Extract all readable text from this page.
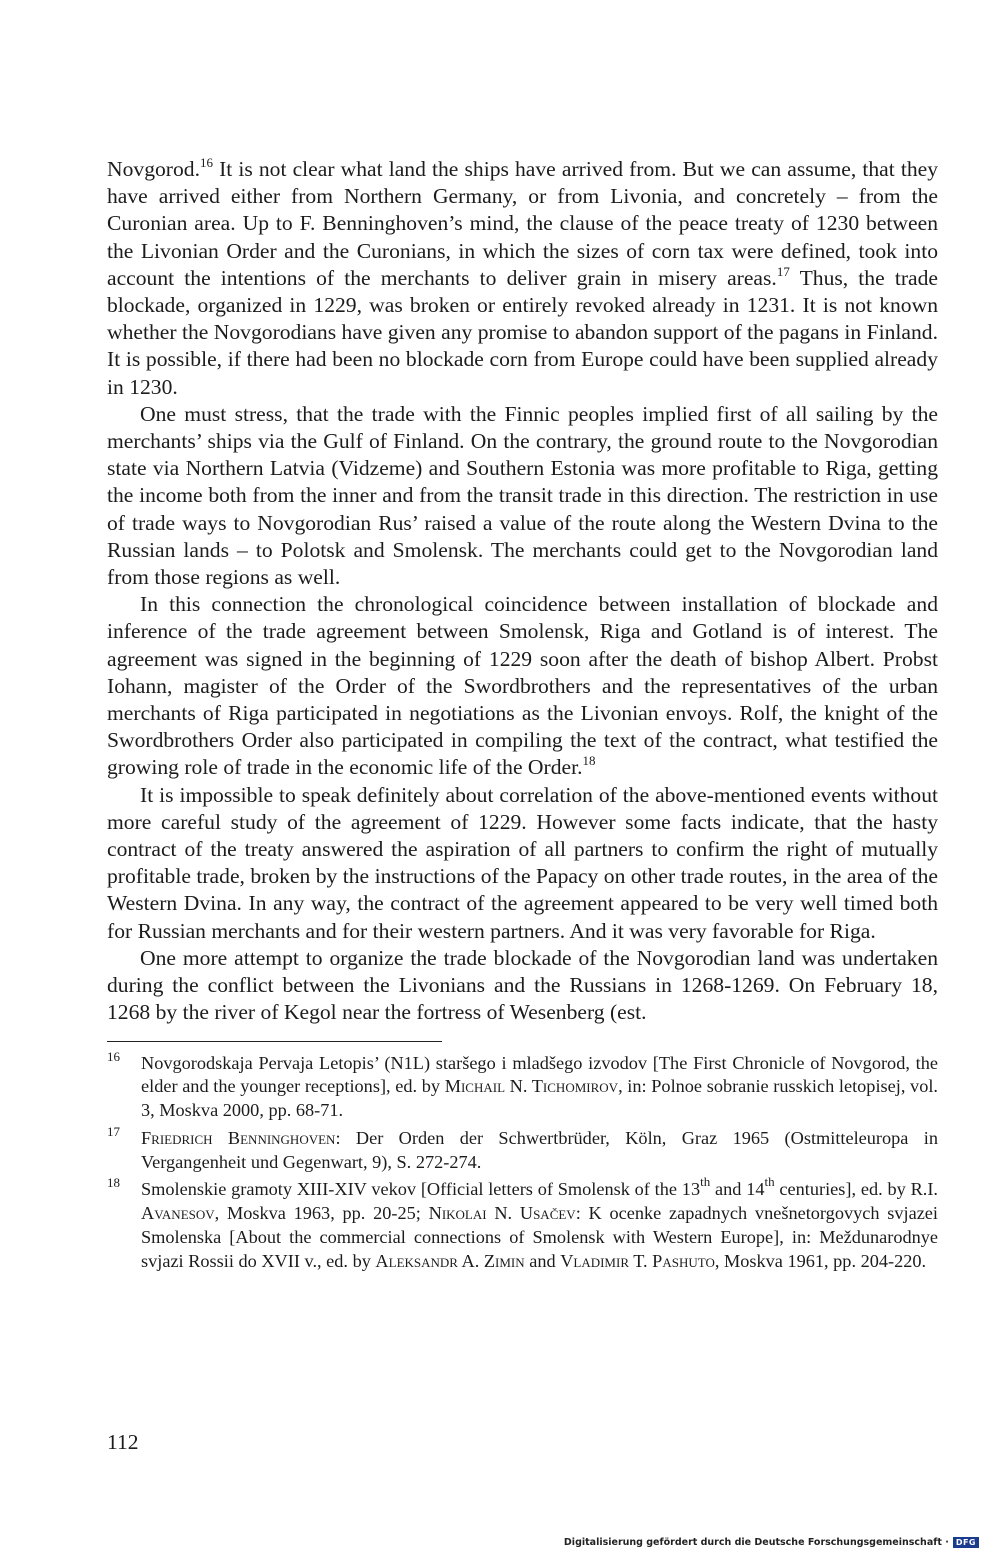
Novgorod.$^{16}$ It is not clear what land the ships have arrived from. But we can assume, that they have arrived either from Northern Germany, or from Livonia, and concretely – from the Curonian area. Up to F. Benninghoven’s mind, the clause of the peace treaty of 1230 between the Livonian Order and the Curonians, in which the sizes of corn tax were defined, took into account the intentions of the merchants to deliver grain in misery areas.$^{17}$ Thus, the trade blockade, organized in 1229, was broken or entirely revoked already in 1231. It is not known whether the Novgorodians have given any promise to abandon support of the pagans in Finland. It is possible, if there had been no blockade corn from Europe could have been supplied already in 1230.

One must stress, that the trade with the Finnic peoples implied first of all sailing by the merchants’ ships via the Gulf of Finland. On the contrary, the ground route to the Novgorodian state via Northern Latvia (Vidzeme) and Southern Estonia was more profitable to Riga, getting the income both from the inner and from the transit trade in this direction. The restriction in use of trade ways to Novgorodian Rus’ raised a value of the route along the Western Dvina to the Russian lands – to Polotsk and Smolensk. The merchants could get to the Novgorodian land from those regions as well.

In this connection the chronological coincidence between installation of blockade and inference of the trade agreement between Smolensk, Riga and Gotland is of interest. The agreement was signed in the beginning of 1229 soon after the death of bishop Albert. Probst Iohann, magister of the Order of the Swordbrothers and the representatives of the urban merchants of Riga participated in negotiations as the Livonian envoys. Rolf, the knight of the Swordbrothers Order also participated in compiling the text of the contract, what testified the growing role of trade in the economic life of the Order.$^{18}$

It is impossible to speak definitely about correlation of the above-mentioned events without more careful study of the agreement of 1229. However some facts indicate, that the hasty contract of the treaty answered the aspiration of all partners to confirm the right of mutually profitable trade, broken by the instructions of the Papacy on other trade routes, in the area of the Western Dvina. In any way, the contract of the agreement appeared to be very well timed both for Russian merchants and for their western partners. And it was very favorable for Riga.

One more attempt to organize the trade blockade of the Novgorodian land was undertaken during the conflict between the Livonians and the Russians in 1268-1269. On February 18, 1268 by the river of Kegol near the fortress of Wesenberg (est.

16 Novgorodskaja Pervaja Letopis’ (N1L) staršego i mladšego izvodov [The First Chronicle of Novgorod, the elder and the younger receptions], ed. by Michail N. Tichomirov, in: Polnoe sobranie russkich letopisej, vol. 3, Moskva 2000, pp. 68-71.

17 Friedrich Benninghoven: Der Orden der Schwertbrüder, Köln, Graz 1965 (Ostmitteleuropa in Vergangenheit und Gegenwart, 9), S. 272-274.

18 Smolenskie gramoty XIII-XIV vekov [Official letters of Smolensk of the 13th and 14th centuries], ed. by R.I. Avanesov, Moskva 1963, pp. 20-25; Nikolai N. Usačev: K ocenke zapadnych vnešnetorgovych svjazei Smolenska [About the commercial connections of Smolensk with Western Europe], in: Meždunarodnye svjazi Rossii do XVII v., ed. by Aleksandr A. Zimin and Vladimir T. Pashuto, Moskva 1961, pp. 204-220.

112

Digitalisierung gefördert durch die Deutsche Forschungsgemeinschaft · DFG
